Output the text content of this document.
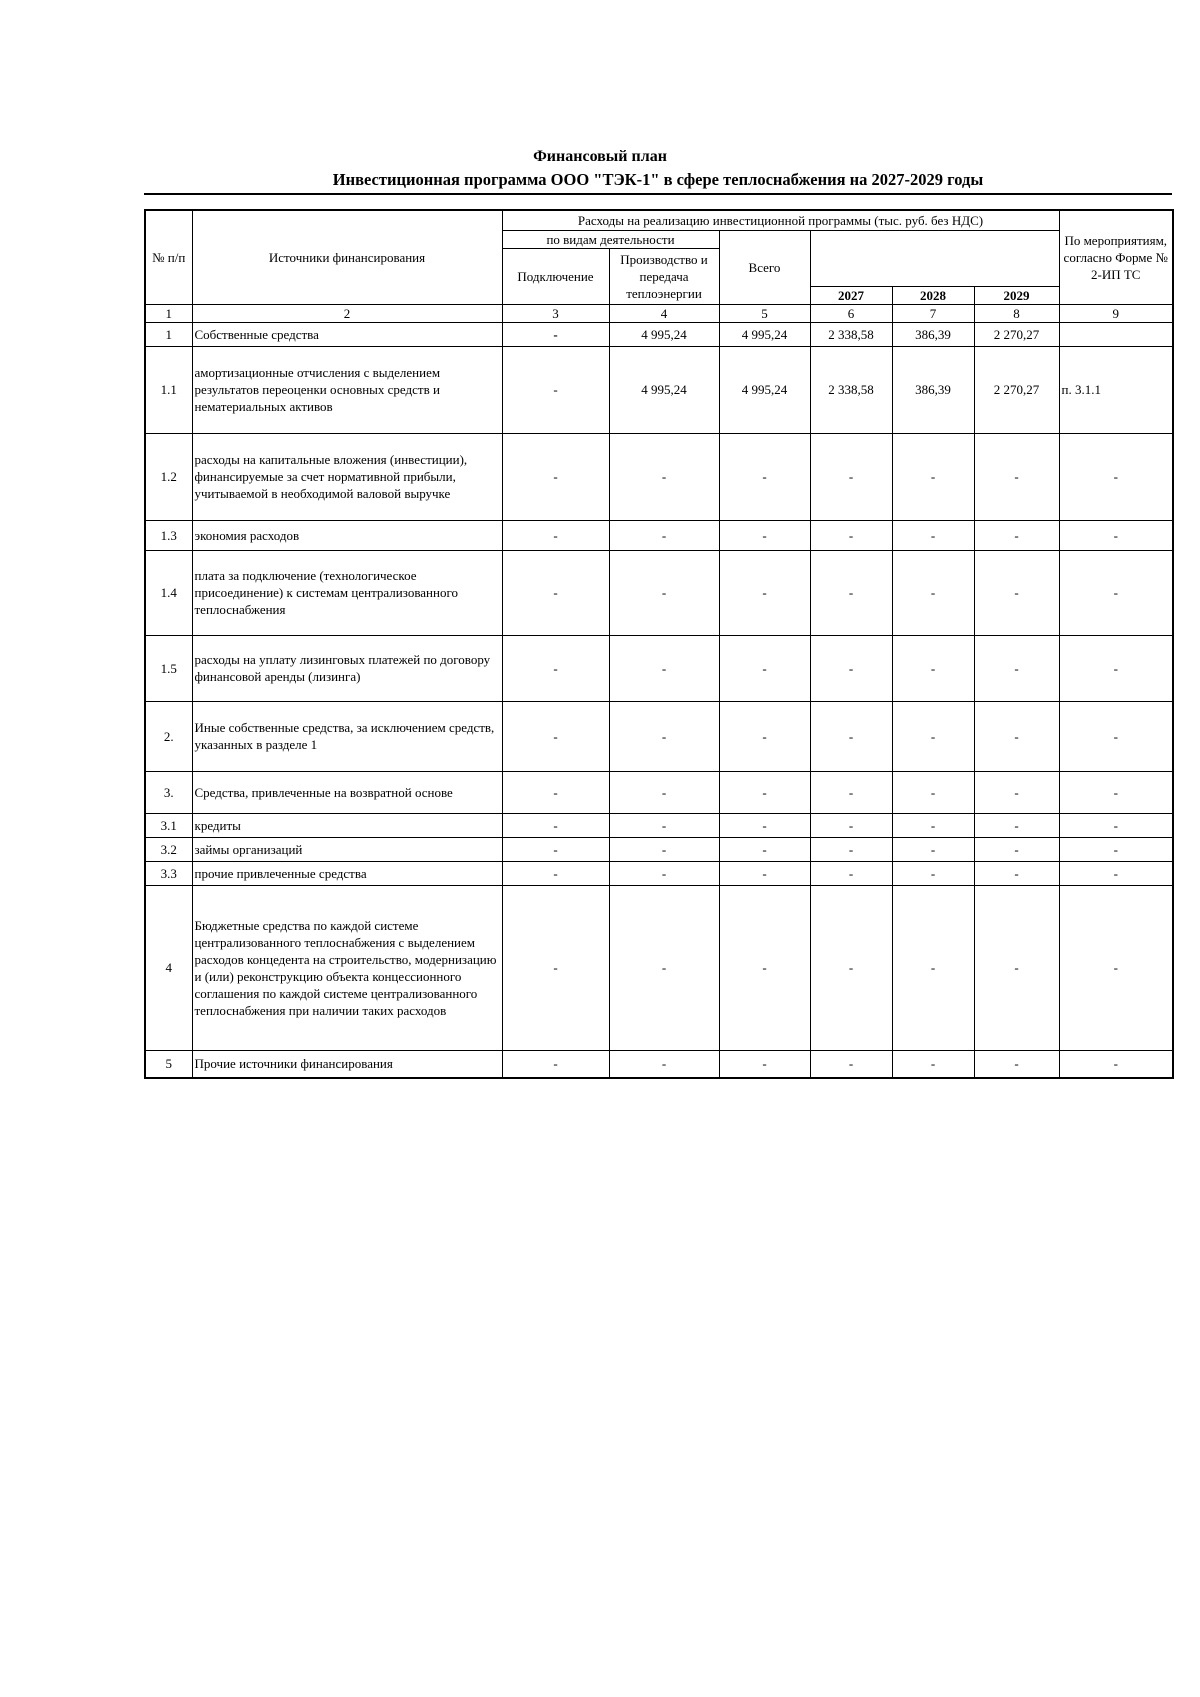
Финансовый план
Инвестиционная программа ООО "ТЭК-1" в сфере теплоснабжения на 2027-2029 годы
№ п/п	Источники финансирования	Расходы на реализацию инвестиционной программы (тыс. руб. без НДС)						По мероприятиям, согласно Форме № 2-ИП ТС
		по видам деятельности		Всего				
		Подключение	Производство и передача теплоэнергии					
					2027	2028	2029	
1	2	3	4	5	6	7	8	9
1	Собственные средства	-	4 995,24	4 995,24	2 338,58	386,39	2 270,27	
1.1	амортизационные отчисления с выделением результатов переоценки основных средств и нематериальных активов	-	4 995,24	4 995,24	2 338,58	386,39	2 270,27	п. 3.1.1
1.2	расходы на капитальные вложения (инвестиции), финансируемые за счет нормативной прибыли, учитываемой в необходимой валовой выручке	-	-	-	-	-	-	-
1.3	экономия расходов	-	-	-	-	-	-	-
1.4	плата за подключение (технологическое присоединение) к системам централизованного теплоснабжения	-	-	-	-	-	-	-
1.5	расходы на уплату лизинговых платежей по договору финансовой аренды (лизинга)	-	-	-	-	-	-	-
2.	Иные собственные средства, за исключением средств, указанных в разделе 1	-	-	-	-	-	-	-
3.	Средства, привлеченные на возвратной основе	-	-	-	-	-	-	-
3.1	кредиты	-	-	-	-	-	-	-
3.2	займы организаций	-	-	-	-	-	-	-
3.3	прочие привлеченные средства	-	-	-	-	-	-	-
4	Бюджетные средства по каждой системе централизованного теплоснабжения с выделением расходов концедента на строительство, модернизацию и (или) реконструкцию объекта концессионного соглашения по каждой системе централизованного теплоснабжения при наличии таких расходов	-	-	-	-	-	-	-
5	Прочие источники финансирования	-	-	-	-	-	-	-
